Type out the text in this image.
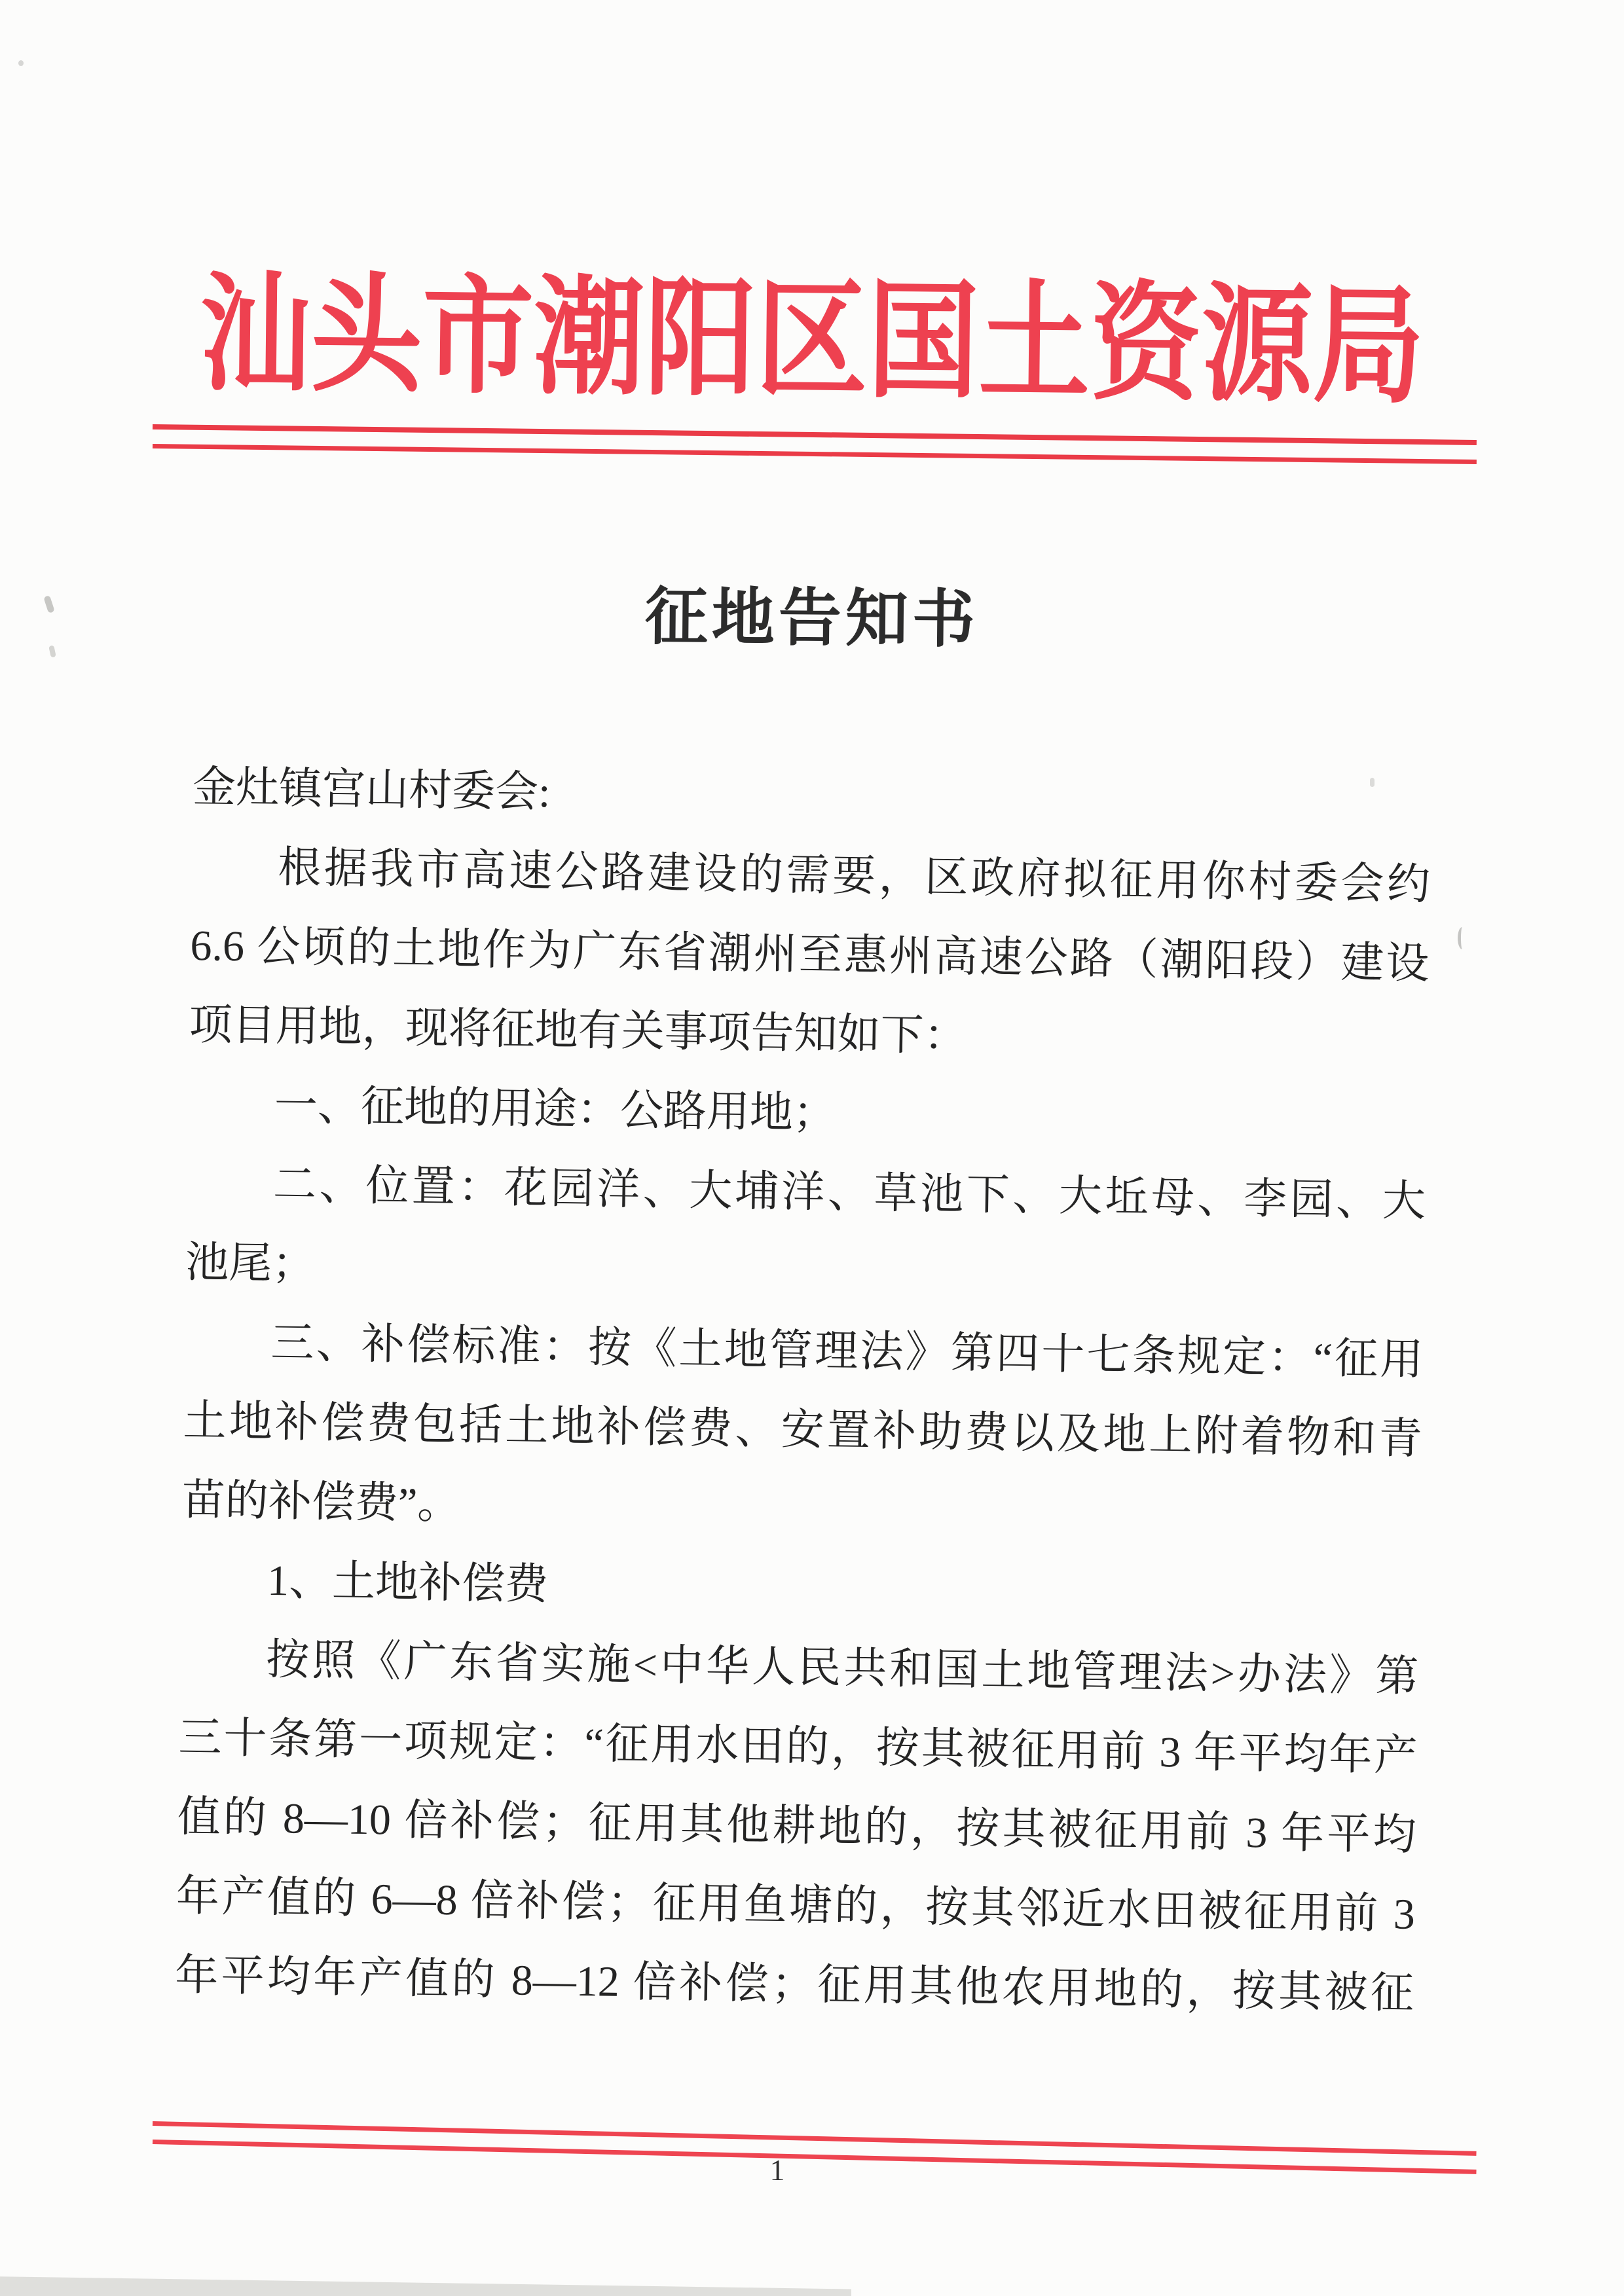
汕头市潮阳区国土资源局
征地告知书
金灶镇宫山村委会:
根据我市高速公路建设的需要，区政府拟征用你村委会约
6.6 公顷的土地作为广东省潮州至惠州高速公路（潮阳段）建设
项目用地，现将征地有关事项告知如下：
一、征地的用途：公路用地；
二、位置：花园洋、大埔洋、草池下、大坵母、李园、大
池尾；
三、补偿标准：按《土地管理法》第四十七条规定：“征用
土地补偿费包括土地补偿费、安置补助费以及地上附着物和青
苗的补偿费”。
1、土地补偿费
按照《广东省实施<中华人民共和国土地管理法>办法》第
三十条第一项规定：“征用水田的，按其被征用前 3 年平均年产
值的 8—10 倍补偿；征用其他耕地的，按其被征用前 3 年平均
年产值的 6—8 倍补偿；征用鱼塘的，按其邻近水田被征用前 3
年平均年产值的 8—12 倍补偿；征用其他农用地的，按其被征
1
